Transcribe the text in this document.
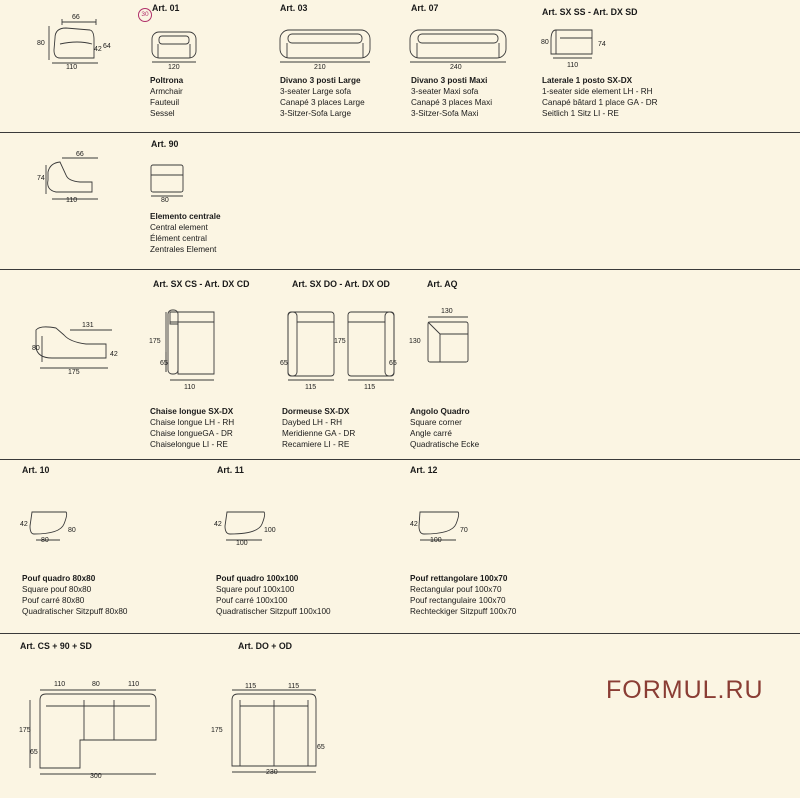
66
80
42 64
110
Art. 01
30
120
Poltrona
Armchair
Fauteuil
Sessel
Art. 03
210
Divano 3 posti Large
3-seater Large sofa
Canapé 3 places Large
3-Sitzer-Sofa Large
Art. 07
240
Divano 3 posti Maxi
3-seater Maxi sofa
Canapé 3 places Maxi
3-Sitzer-Sofa Maxi
Art. SX SS - Art. DX SD
80	74
110
Laterale 1 posto SX-DX
1-seater side element LH - RH
Canapé bâtard 1 place GA - DR
Seitlich 1 Sitz LI - RE
66
74
110
Art. 90
80
Elemento centrale
Central element
Élément central
Zentrales Element
131
80
42
175
Art. SX CS - Art. DX CD
175
65
110
Chaise longue SX-DX
Chaise longue LH - RH
Chaise longueGA - DR
Chaiselongue LI - RE
Art. SX DO - Art. DX OD
175
65	65
115	115
Dormeuse SX-DX
Daybed LH - RH
Meridienne GA - DR
Recamiere LI - RE
Art. AQ
130
130
Angolo Quadro
Square corner
Angle carré
Quadratische Ecke
Art. 10
42
80
80
Pouf quadro 80x80
Square pouf 80x80
Pouf carré 80x80
Quadratischer Sitzpuff 80x80
Art. 11
42
100
100
Pouf quadro 100x100
Square pouf 100x100
Pouf carré 100x100
Quadratischer Sitzpuff 100x100
Art. 12
42
70
100
Pouf rettangolare 100x70
Rectangular pouf 100x70
Pouf rectangulaire 100x70
Rechteckiger Sitzpuff 100x70
Art. CS + 90 + SD
110	80	110
175
65
300
Art. DO + OD
115	115
175
65
230
FORMUL.RU
